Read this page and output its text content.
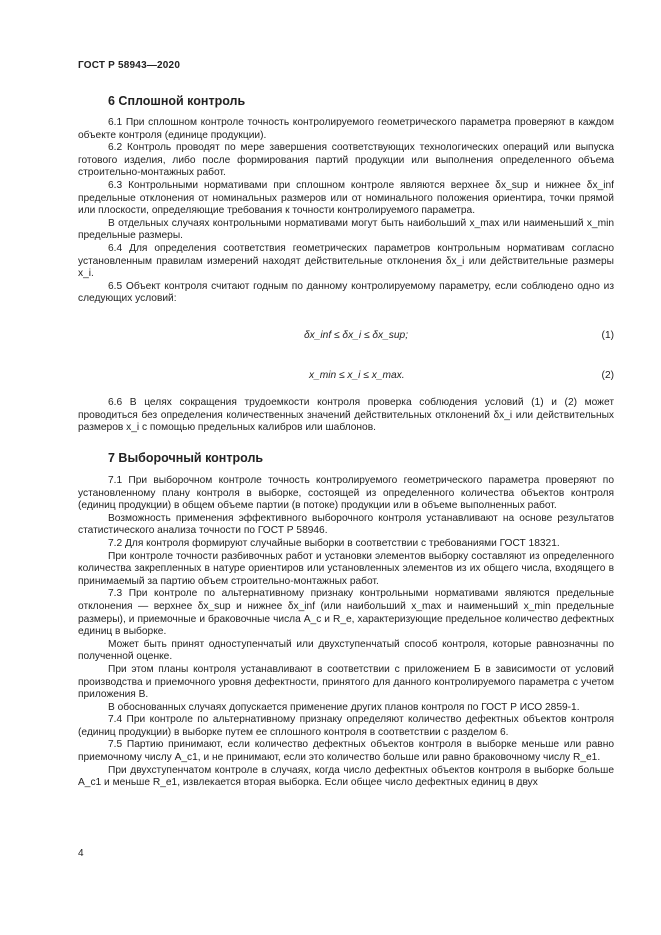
ГОСТ Р 58943—2020
6 Сплошной контроль

6.1 При сплошном контроле точность контролируемого геометрического параметра проверяют в каждом объекте контроля (единице продукции).

6.2 Контроль проводят по мере завершения соответствующих технологических операций или выпуска готового изделия, либо после формирования партий продукции или выполнения определенного объема строительно-монтажных работ.

6.3 Контрольными нормативами при сплошном контроле являются верхнее δx_sup и нижнее δx_inf предельные отклонения от номинальных размеров или от номинального положения ориентира, точки прямой или плоскости, определяющие требования к точности контролируемого параметра.

В отдельных случаях контрольными нормативами могут быть наибольший x_max или наименьший x_min предельные размеры.

6.4 Для определения соответствия геометрических параметров контрольным нормативам согласно установленным правилам измерений находят действительные отклонения δx_i или действительные размеры x_i.

6.5 Объект контроля считают годным по данному контролируемому параметру, если соблюдено одно из следующих условий:

δx_inf ≤ δx_i ≤ δx_sup;	(1)
x_min ≤ x_i ≤ x_max.	(2)

6.6 В целях сокращения трудоемкости контроля проверка соблюдения условий (1) и (2) может проводиться без определения количественных значений действительных отклонений δx_i или действительных размеров x_i с помощью предельных калибров или шаблонов.

7 Выборочный контроль

7.1 При выборочном контроле точность контролируемого геометрического параметра проверяют по установленному плану контроля в выборке, состоящей из определенного количества объектов контроля (единиц продукции) в общем объеме партии (в потоке) продукции или в объеме выполненных работ.

Возможность применения эффективного выборочного контроля устанавливают на основе результатов статистического анализа точности по ГОСТ Р 58946.

7.2 Для контроля формируют случайные выборки в соответствии с требованиями ГОСТ 18321.

При контроле точности разбивочных работ и установки элементов выборку составляют из определенного количества закрепленных в натуре ориентиров или установленных элементов из их общего числа, входящего в принимаемый за партию объем строительно-монтажных работ.

7.3 При контроле по альтернативному признаку контрольными нормативами являются предельные отклонения — верхнее δx_sup и нижнее δx_inf (или наибольший x_max и наименьший x_min предельные размеры), и приемочные и браковочные числа A_c и R_e, характеризующие предельное количество дефектных единиц в выборке.

Может быть принят одноступенчатый или двухступенчатый способ контроля, которые равнозначны по полученной оценке.

При этом планы контроля устанавливают в соответствии с приложением Б в зависимости от условий производства и приемочного уровня дефектности, принятого для данного контролируемого параметра с учетом приложения В.

В обоснованных случаях допускается применение других планов контроля по ГОСТ Р ИСО 2859-1.

7.4 При контроле по альтернативному признаку определяют количество дефектных объектов контроля (единиц продукции) в выборке путем ее сплошного контроля в соответствии с разделом 6.

7.5 Партию принимают, если количество дефектных объектов контроля в выборке меньше или равно приемочному числу A_c1, и не принимают, если это количество больше или равно браковочному числу R_e1.

При двухступенчатом контроле в случаях, когда число дефектных объектов контроля в выборке больше A_c1 и меньше R_e1, извлекается вторая выборка. Если общее число дефектных единиц в двух

4
